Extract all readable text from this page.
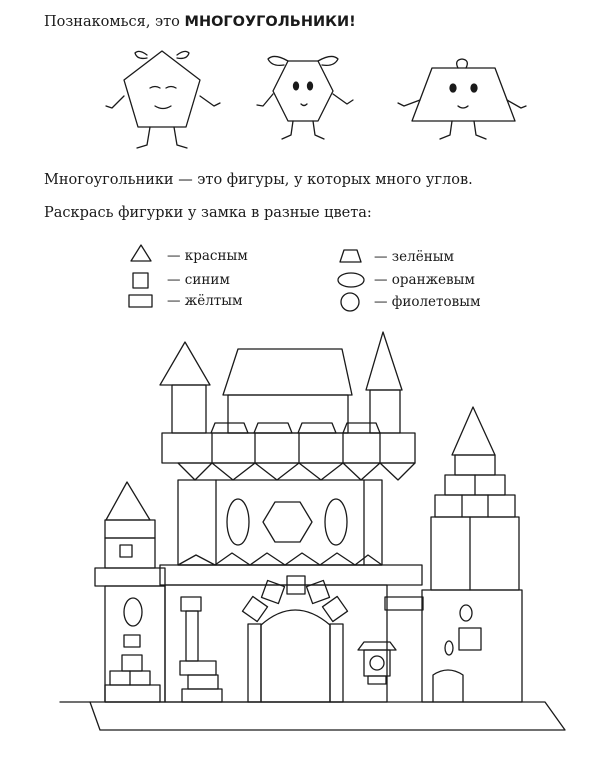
Познакомься, это МНОГОУГОЛЬНИКИ!
Многоугольники — это фигуры, у которых много углов.
Раскрась фигурки у замка в разные цвета:
— красным
— синим
— жёлтым
— зелёным
— оранжевым
— фиолетовым
